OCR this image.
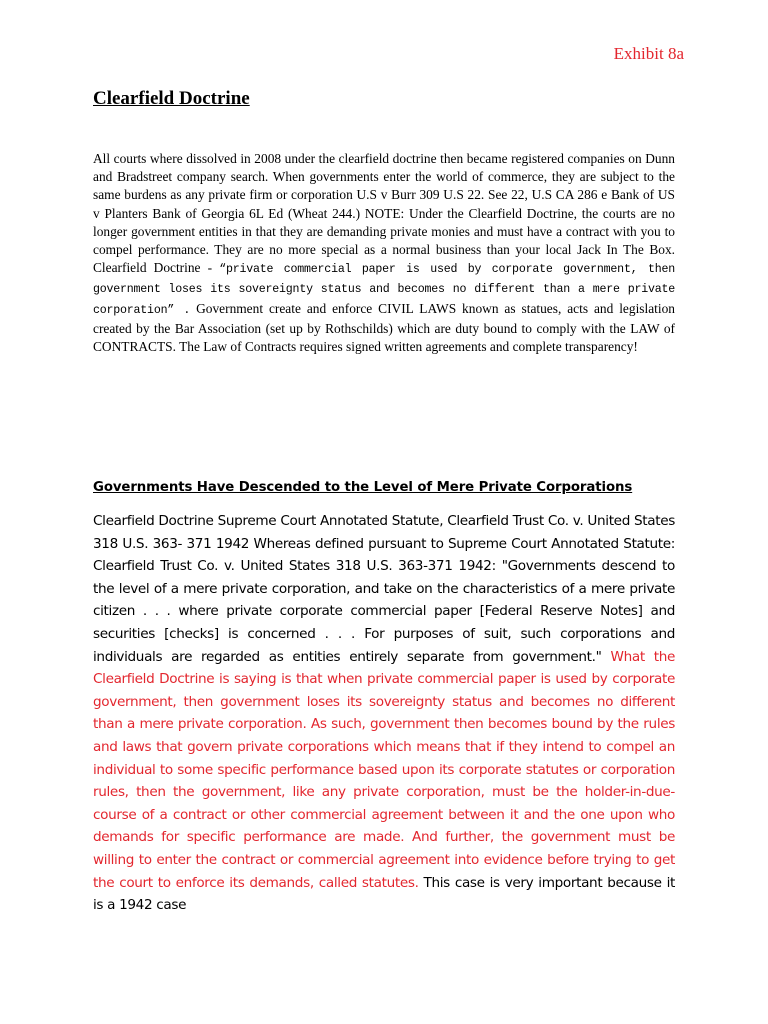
Exhibit 8a
Clearfield Doctrine

All courts where dissolved in 2008 under the clearfield doctrine then became registered companies on Dunn and Bradstreet company search. When governments enter the world of commerce, they are subject to the same burdens as any private firm or corporation U.S v Burr 309 U.S 22. See 22, U.S CA 286 e Bank of US v Planters Bank of Georgia 6L Ed (Wheat 244.) NOTE: Under the Clearfield Doctrine, the courts are no longer government entities in that they are demanding private monies and must have a contract with you to compel performance. They are no more special as a normal business than your local Jack In The Box. Clearfield Doctrine - “private commercial paper is used by corporate government, then government loses its sovereignty status and becomes no different than a mere private corporation” . Government create and enforce CIVIL LAWS known as statues, acts and legislation created by the Bar Association (set up by Rothschilds) which are duty bound to comply with the LAW of CONTRACTS. The Law of Contracts requires signed written agreements and complete transparency!

Governments Have Descended to the Level of Mere Private Corporations

Clearfield Doctrine Supreme Court Annotated Statute, Clearfield Trust Co. v. United States 318 U.S. 363- 371 1942 Whereas defined pursuant to Supreme Court Annotated Statute: Clearfield Trust Co. v. United States 318 U.S. 363-371 1942: "Governments descend to the level of a mere private corporation, and take on the characteristics of a mere private citizen . . . where private corporate commercial paper [Federal Reserve Notes] and securities [checks] is concerned . . . For purposes of suit, such corporations and individuals are regarded as entities entirely separate from government." What the Clearfield Doctrine is saying is that when private commercial paper is used by corporate government, then government loses its sovereignty status and becomes no different than a mere private corporation. As such, government then becomes bound by the rules and laws that govern private corporations which means that if they intend to compel an individual to some specific performance based upon its corporate statutes or corporation rules, then the government, like any private corporation, must be the holder-in-due-course of a contract or other commercial agreement between it and the one upon who demands for specific performance are made. And further, the government must be willing to enter the contract or commercial agreement into evidence before trying to get the court to enforce its demands, called statutes. This case is very important because it is a 1942 case
